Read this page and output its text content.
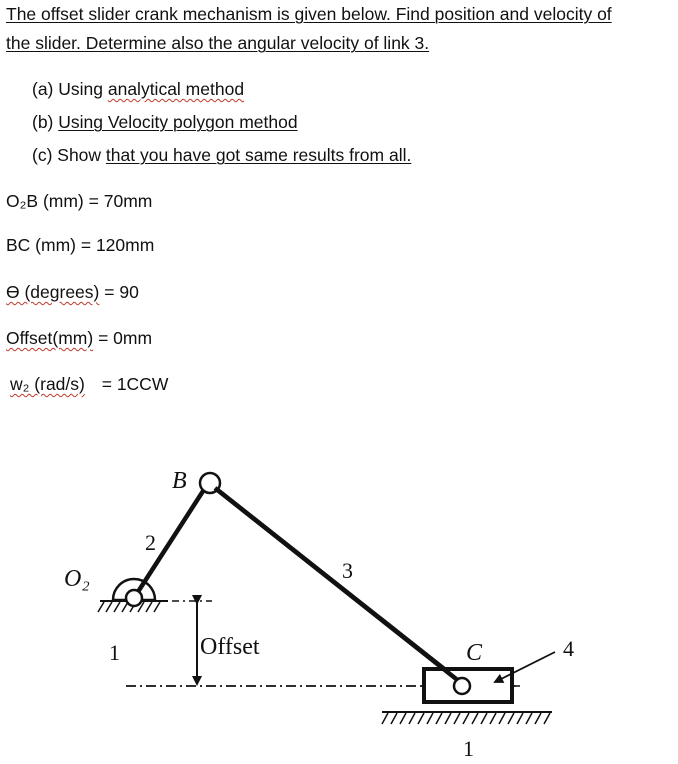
The offset slider crank mechanism is given below. Find position and velocity of
the slider. Determine also the angular velocity of link 3.
(a) Using analytical method
(b) Using Velocity polygon method
(c) Show that you have got same results from all.
O₂B (mm) = 70mm
BC (mm) = 120mm
ϴ (degrees) = 90
Offset(mm) = 0mm
w₂ (rad/s) = 1CCW
B
2
3
O₂
1	Offset	C	4
1
